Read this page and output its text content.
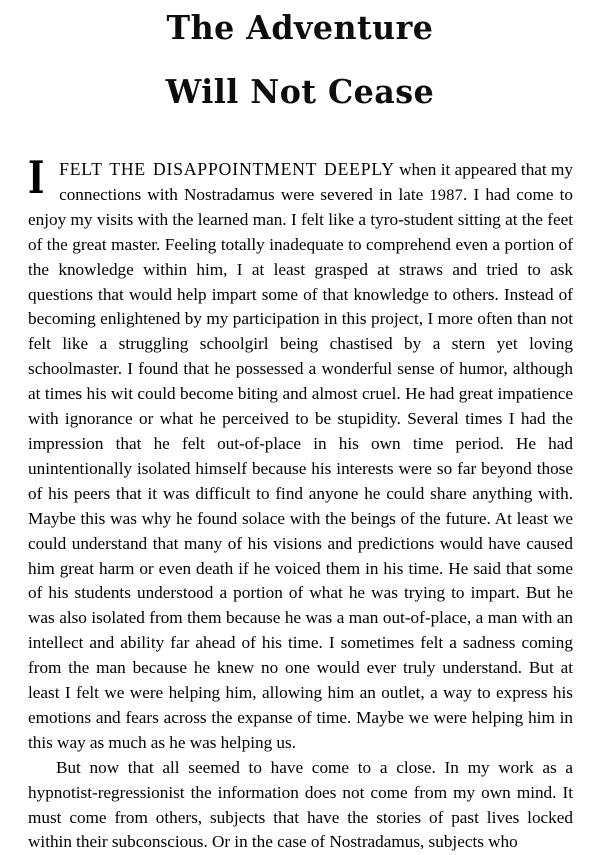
The Adventure
Will Not Cease

IFELT THE DISAPPOINTMENT DEEPLY when it appeared that my connections with Nostradamus were severed in late 1987. I had come to enjoy my visits with the learned man. I felt like a tyro-student sitting at the feet of the great master. Feeling totally inadequate to comprehend even a portion of the knowledge within him, I at least grasped at straws and tried to ask questions that would help impart some of that knowledge to others. Instead of becoming enlightened by my participation in this project, I more often than not felt like a struggling schoolgirl being chastised by a stern yet loving schoolmaster. I found that he possessed a wonderful sense of humor, although at times his wit could become biting and almost cruel. He had great impatience with ignorance or what he perceived to be stupidity. Several times I had the impression that he felt out-of-place in his own time period. He had unintentionally isolated himself because his interests were so far beyond those of his peers that it was difficult to find anyone he could share anything with. Maybe this was why he found solace with the beings of the future. At least we could understand that many of his visions and predictions would have caused him great harm or even death if he voiced them in his time. He said that some of his students understood a portion of what he was trying to impart. But he was also isolated from them because he was a man out-of-place, a man with an intellect and ability far ahead of his time. I sometimes felt a sadness coming from the man because he knew no one would ever truly understand. But at least I felt we were helping him, allowing him an outlet, a way to express his emotions and fears across the expanse of time. Maybe we were helping him in this way as much as he was helping us.

But now that all seemed to have come to a close. In my work as a hypnotist-regressionist the information does not come from my own mind. It must come from others, subjects that have the stories of past lives locked within their subconscious. Or in the case of Nostradamus, subjects who
